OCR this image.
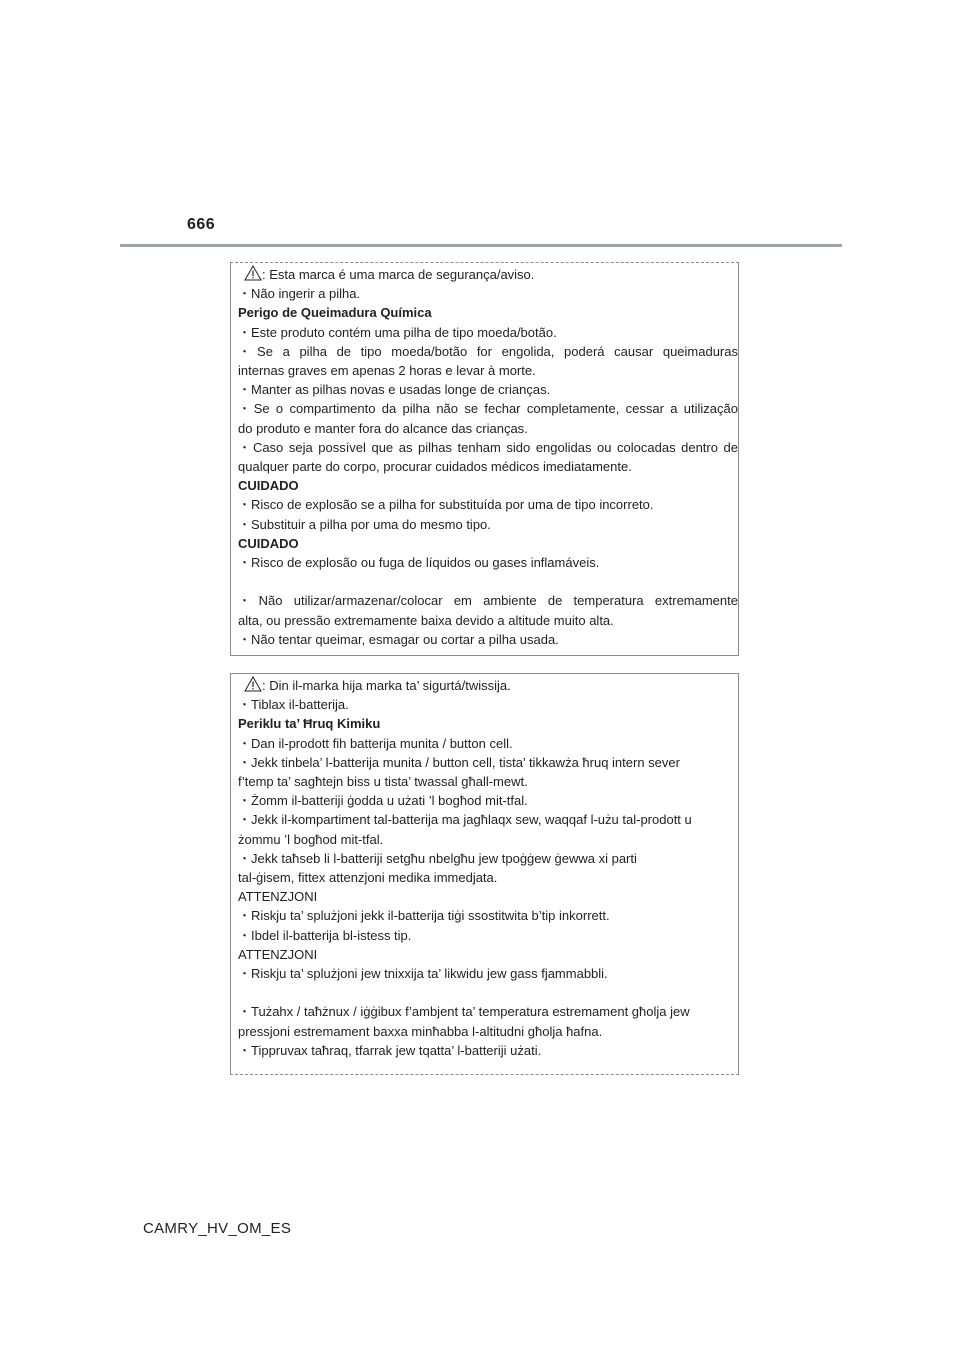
666

: Esta marca é uma marca de segurança/aviso.

・Não ingerir a pilha.

Perigo de Queimadura Química

・Este produto contém uma pilha de tipo moeda/botão.

・Se a pilha de tipo moeda/botão for engolida, poderá causar queimaduras

internas graves em apenas 2 horas e levar à morte.

・Manter as pilhas novas e usadas longe de crianças.

・Se o compartimento da pilha não se fechar completamente, cessar a utilização

do produto e manter fora do alcance das crianças.

・Caso seja possível que as pilhas tenham sido engolidas ou colocadas dentro de

qualquer parte do corpo, procurar cuidados médicos imediatamente.

CUIDADO

・Risco de explosão se a pilha for substituída por uma de tipo incorreto.

・Substituir a pilha por uma do mesmo tipo.

CUIDADO

・Risco de explosão ou fuga de líquidos ou gases inflamáveis.

・Não utilizar/armazenar/colocar em ambiente de temperatura extremamente

alta, ou pressão extremamente baixa devido a altitude muito alta.

・Não tentar queimar, esmagar ou cortar a pilha usada.

: Din il-marka hija marka ta’ sigurtá/twissija.

・Tiblax il-batterija.

Periklu ta’ Ħruq Kimiku

・Dan il-prodott fih batterija munita / button cell.

・Jekk tinbela’ l-batterija munita / button cell, tista’ tikkawża ħruq intern sever

f’temp ta’ sagħtejn biss u tista’ twassal għall-mewt.

・Żomm il-batteriji ġodda u użati ’l bogħod mit-tfal.

・Jekk il-kompartiment tal-batterija ma jagħlaqx sew, waqqaf l-użu tal-prodott u

żommu ’l bogħod mit-tfal.

・Jekk taħseb li l-batteriji setgħu nbelgħu jew tpoġġew ġewwa xi parti

tal-ġisem, fittex attenzjoni medika immedjata.

ATTENZJONI

・Riskju ta’ splużjoni jekk il-batterija tiġi ssostitwita b’tip inkorrett.

・Ibdel il-batterija bl-istess tip.

ATTENZJONI

・Riskju ta’ splużjoni jew tnixxija ta’ likwidu jew gass fjammabbli.

・Tużahx / taħżnux / iġġibux f’ambjent ta’ temperatura estremament għolja jew

pressjoni estremament baxxa minħabba l-altitudni għolja ħafna.

・Tippruvax taħraq, tfarrak jew tqatta’ l-batteriji użati.

CAMRY_HV_OM_ES
